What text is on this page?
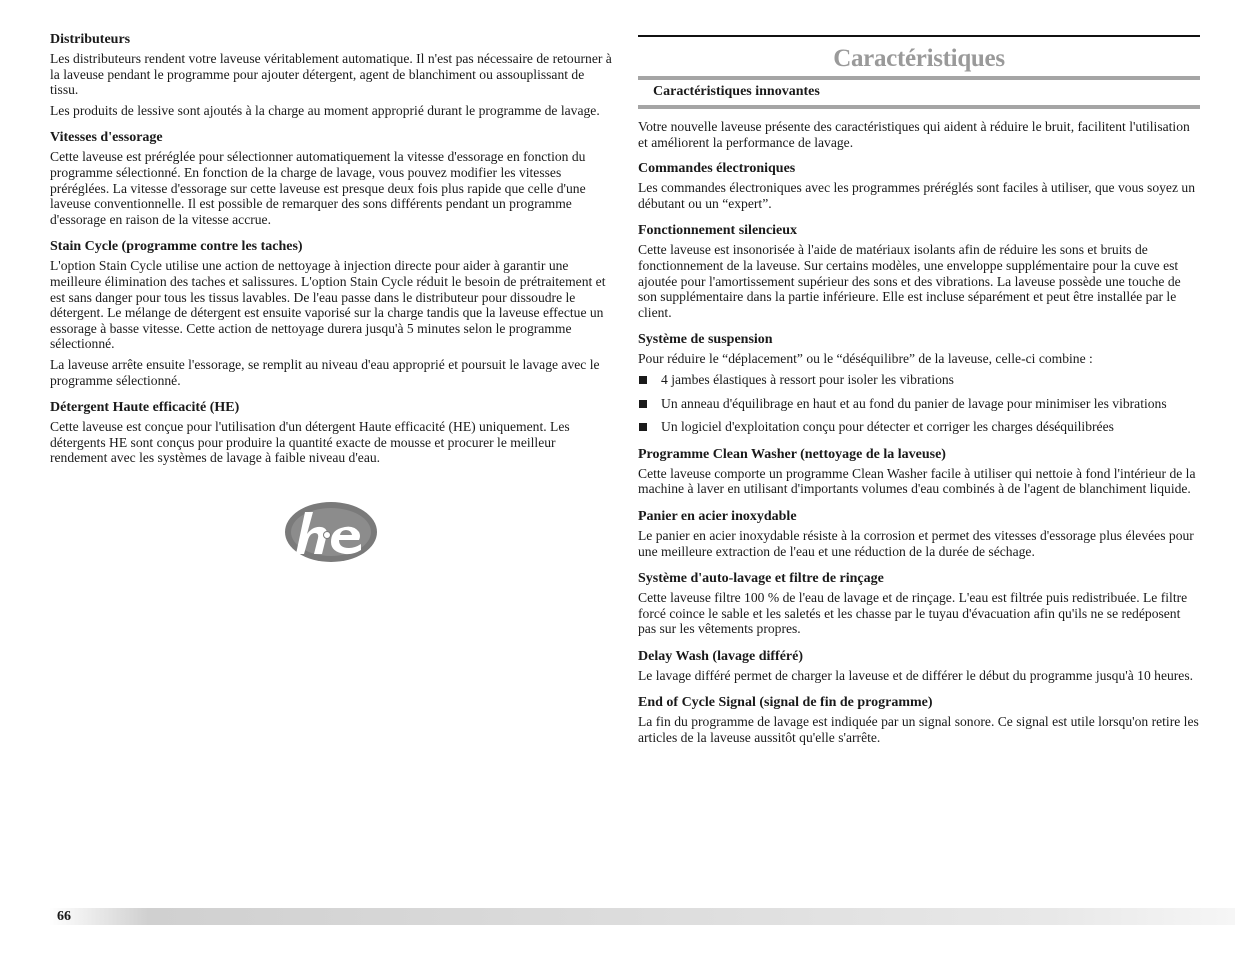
Distributeurs

Les distributeurs rendent votre laveuse véritablement automatique. Il n'est pas nécessaire de retourner à la laveuse pendant le programme pour ajouter détergent, agent de blanchiment ou assouplissant de tissu.

Les produits de lessive sont ajoutés à la charge au moment approprié durant le programme de lavage.

Vitesses d'essorage

Cette laveuse est préréglée pour sélectionner automatiquement la vitesse d'essorage en fonction du programme sélectionné. En fonction de la charge de lavage, vous pouvez modifier les vitesses préréglées. La vitesse d'essorage sur cette laveuse est presque deux fois plus rapide que celle d'une laveuse conventionnelle. Il est possible de remarquer des sons différents pendant un programme d'essorage en raison de la vitesse accrue.

Stain Cycle (programme contre les taches)

L'option Stain Cycle utilise une action de nettoyage à injection directe pour aider à garantir une meilleure élimination des taches et salissures. L'option Stain Cycle réduit le besoin de prétraitement et est sans danger pour tous les tissus lavables. De l'eau passe dans le distributeur pour dissoudre le détergent. Le mélange de détergent est ensuite vaporisé sur la charge tandis que la laveuse effectue un essorage à basse vitesse. Cette action de nettoyage durera jusqu'à 5 minutes selon le programme sélectionné.

La laveuse arrête ensuite l'essorage, se remplit au niveau d'eau approprié et poursuit le lavage avec le programme sélectionné.

Détergent Haute efficacité (HE)

Cette laveuse est conçue pour l'utilisation d'un détergent Haute efficacité (HE) uniquement. Les détergents HE sont conçus pour produire la quantité exacte de mousse et procurer le meilleur rendement avec les systèmes de lavage à faible niveau d'eau.

Caractéristiques
Caractéristiques innovantes

Votre nouvelle laveuse présente des caractéristiques qui aident à réduire le bruit, facilitent l'utilisation et améliorent la performance de lavage.

Commandes électroniques

Les commandes électroniques avec les programmes préréglés sont faciles à utiliser, que vous soyez un débutant ou un “expert”.

Fonctionnement silencieux

Cette laveuse est insonorisée à l'aide de matériaux isolants afin de réduire les sons et bruits de fonctionnement de la laveuse. Sur certains modèles, une enveloppe supplémentaire pour la cuve est ajoutée pour l'amortissement supérieur des sons et des vibrations. La laveuse possède une touche de son supplémentaire dans la partie inférieure. Elle est incluse séparément et peut être installée par le client.

Système de suspension

Pour réduire le “déplacement” ou le “déséquilibre” de la laveuse, celle-ci combine :

4 jambes élastiques à ressort pour isoler les vibrations
Un anneau d'équilibrage en haut et au fond du panier de lavage pour minimiser les vibrations
Un logiciel d'exploitation conçu pour détecter et corriger les charges déséquilibrées
Programme Clean Washer (nettoyage de la laveuse)

Cette laveuse comporte un programme Clean Washer facile à utiliser qui nettoie à fond l'intérieur de la machine à laver en utilisant d'importants volumes d'eau combinés à de l'agent de blanchiment liquide.

Panier en acier inoxydable

Le panier en acier inoxydable résiste à la corrosion et permet des vitesses d'essorage plus élevées pour une meilleure extraction de l'eau et une réduction de la durée de séchage.

Système d'auto-lavage et filtre de rinçage

Cette laveuse filtre 100 % de l'eau de lavage et de rinçage. L'eau est filtrée puis redistribuée. Le filtre forcé coince le sable et les saletés et les chasse par le tuyau d'évacuation afin qu'ils ne se redéposent pas sur les vêtements propres.

Delay Wash (lavage différé)

Le lavage différé permet de charger la laveuse et de différer le début du programme jusqu'à 10 heures.

End of Cycle Signal (signal de fin de programme)

La fin du programme de lavage est indiquée par un signal sonore. Ce signal est utile lorsqu'on retire les articles de la laveuse aussitôt qu'elle s'arrête.

66
